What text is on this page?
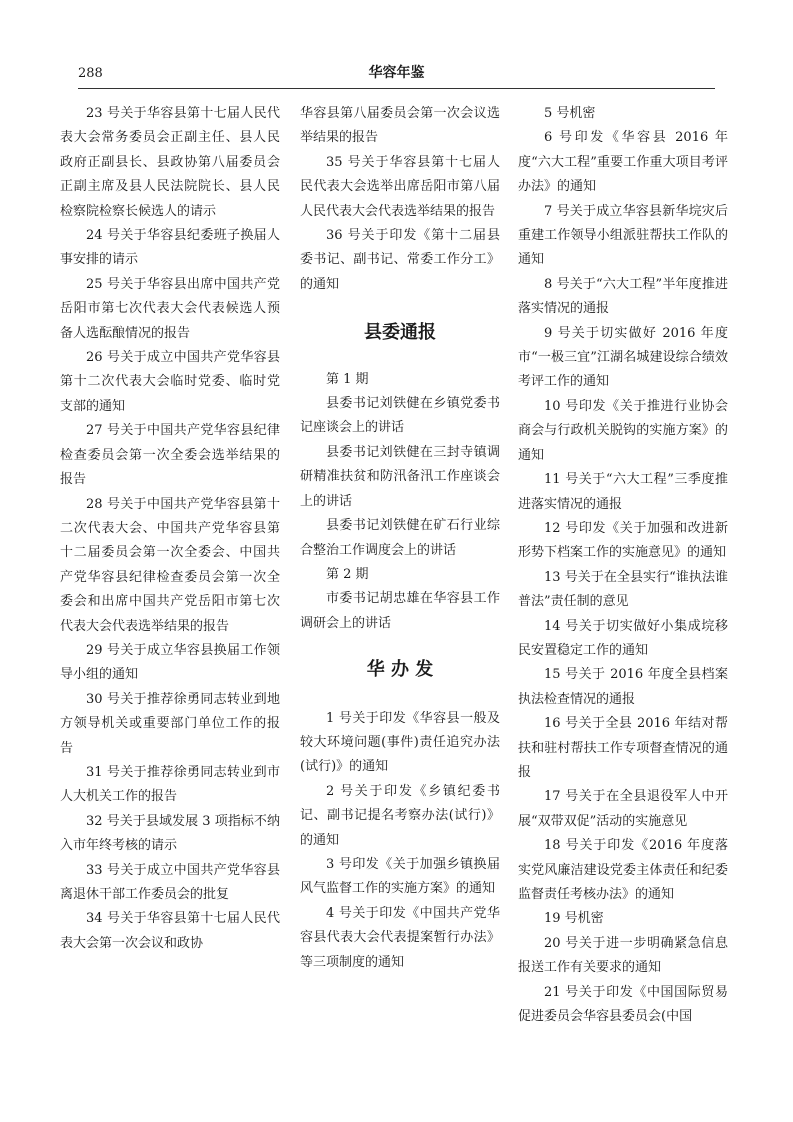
288	华容年鉴

23 号关于华容县第十七届人民代表大会常务委员会正副主任、县人民政府正副县长、县政协第八届委员会正副主席及县人民法院院长、县人民检察院检察长候选人的请示

24 号关于华容县纪委班子换届人事安排的请示

25 号关于华容县出席中国共产党岳阳市第七次代表大会代表候选人预备人选酝酿情况的报告

26 号关于成立中国共产党华容县第十二次代表大会临时党委、临时党支部的通知

27 号关于中国共产党华容县纪律检查委员会第一次全委会选举结果的报告

28 号关于中国共产党华容县第十二次代表大会、中国共产党华容县第十二届委员会第一次全委会、中国共产党华容县纪律检查委员会第一次全委会和出席中国共产党岳阳市第七次代表大会代表选举结果的报告

29 号关于成立华容县换届工作领导小组的通知

30 号关于推荐徐勇同志转业到地方领导机关或重要部门单位工作的报告

31 号关于推荐徐勇同志转业到市人大机关工作的报告

32 号关于县域发展 3 项指标不纳入市年终考核的请示

33 号关于成立中国共产党华容县离退休干部工作委员会的批复

34 号关于华容县第十七届人民代表大会第一次会议和政协

华容县第八届委员会第一次会议选举结果的报告

35 号关于华容县第十七届人民代表大会选举出席岳阳市第八届人民代表大会代表选举结果的报告

36 号关于印发《第十二届县委书记、副书记、常委工作分工》的通知

县委通报

第 1 期

县委书记刘铁健在乡镇党委书记座谈会上的讲话

县委书记刘铁健在三封寺镇调研精准扶贫和防汛备汛工作座谈会上的讲话

县委书记刘铁健在矿石行业综合整治工作调度会上的讲话

第 2 期

市委书记胡忠雄在华容县工作调研会上的讲话

华 办 发

1 号关于印发《华容县一般及较大环境问题(事件)责任追究办法(试行)》的通知

2 号关于印发《乡镇纪委书记、副书记提名考察办法(试行)》的通知

3 号印发《关于加强乡镇换届风气监督工作的实施方案》的通知

4 号关于印发《中国共产党华容县代表大会代表提案暂行办法》等三项制度的通知

5 号机密

6 号印发《华容县 2016 年度“六大工程”重要工作重大项目考评办法》的通知

7 号关于成立华容县新华垸灾后重建工作领导小组派驻帮扶工作队的通知

8 号关于“六大工程”半年度推进落实情况的通报

9 号关于切实做好 2016 年度市“一极三宜”江湖名城建设综合绩效考评工作的通知

10 号印发《关于推进行业协会商会与行政机关脱钩的实施方案》的通知

11 号关于“六大工程”三季度推进落实情况的通报

12 号印发《关于加强和改进新形势下档案工作的实施意见》的通知

13 号关于在全县实行“谁执法谁普法”责任制的意见

14 号关于切实做好小集成垸移民安置稳定工作的通知

15 号关于 2016 年度全县档案执法检查情况的通报

16 号关于全县 2016 年结对帮扶和驻村帮扶工作专项督查情况的通报

17 号关于在全县退役军人中开展“双带双促”活动的实施意见

18 号关于印发《2016 年度落实党风廉洁建设党委主体责任和纪委监督责任考核办法》的通知

19 号机密

20 号关于进一步明确紧急信息报送工作有关要求的通知

21 号关于印发《中国国际贸易促进委员会华容县委员会(中国
